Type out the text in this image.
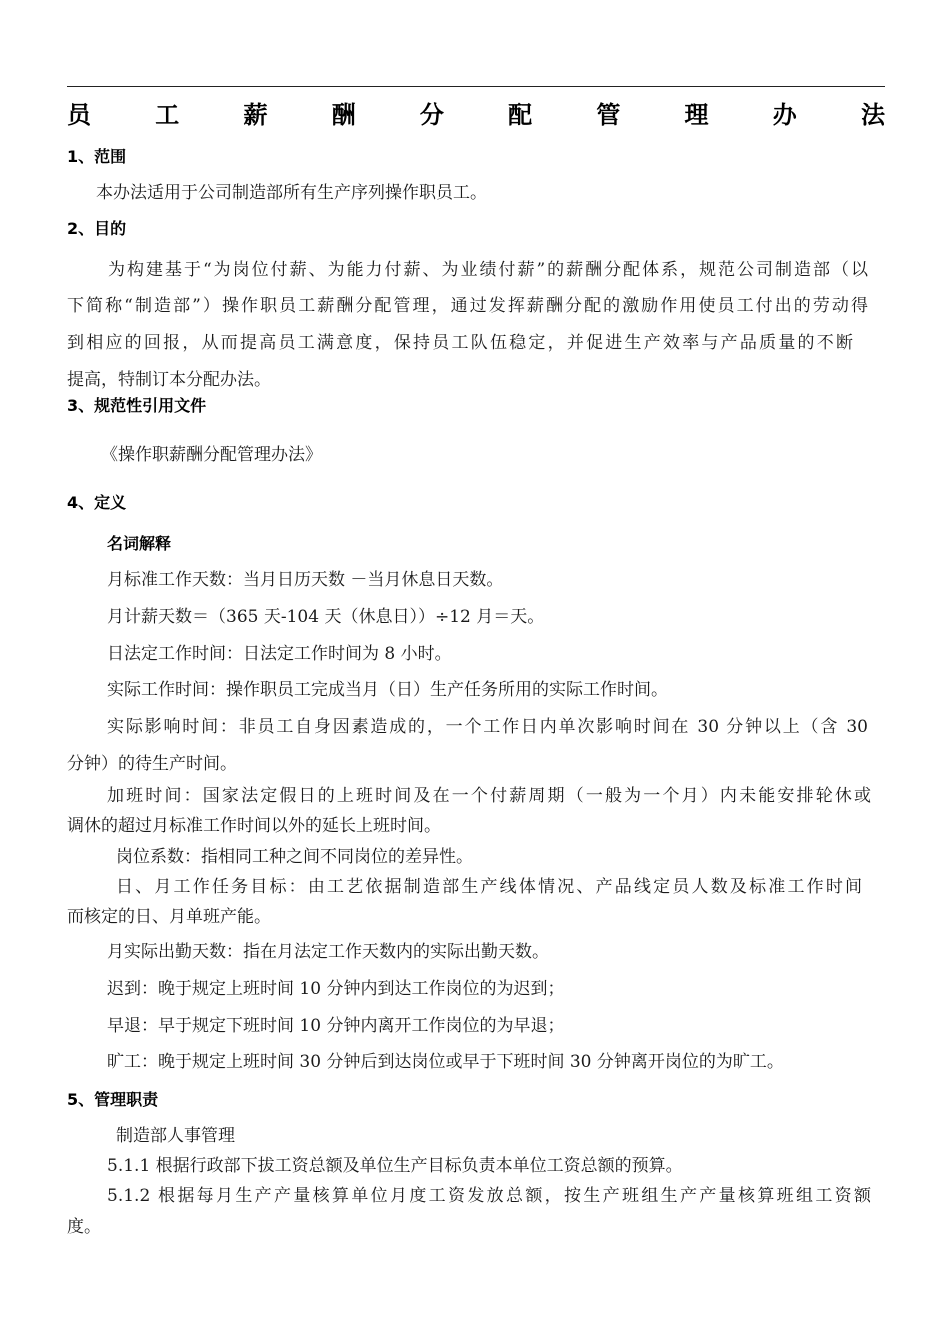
员	工	薪	酬	分	配	管	理	办	法
1、范围
本办法适用于公司制造部所有生产序列操作职员工。
2、目的
为构建基于“为岗位付薪、为能力付薪、为业绩付薪”的薪酬分配体系，规范公司制造部（以
下简称“制造部”）操作职员工薪酬分配管理，通过发挥薪酬分配的激励作用使员工付出的劳动得
到相应的回报，从而提高员工满意度，保持员工队伍稳定，并促进生产效率与产品质量的不断
提高，特制订本分配办法。
3、规范性引用文件
《操作职薪酬分配管理办法》
4、定义
名词解释
月标准工作天数：当月日历天数 －当月休息日天数。
月计薪天数＝（365 天-104 天（休息日））÷12 月＝天。
日法定工作时间：日法定工作时间为 8 小时。
实际工作时间：操作职员工完成当月（日）生产任务所用的实际工作时间。
实际影响时间：非员工自身因素造成的，一个工作日内单次影响时间在 30 分钟以上（含 30
分钟）的待生产时间。
加班时间：国家法定假日的上班时间及在一个付薪周期（一般为一个月）内未能安排轮休或
调休的超过月标准工作时间以外的延长上班时间。
岗位系数：指相同工种之间不同岗位的差异性。
日、月工作任务目标：由工艺依据制造部生产线体情况、产品线定员人数及标准工作时间
而核定的日、月单班产能。
月实际出勤天数：指在月法定工作天数内的实际出勤天数。
迟到：晚于规定上班时间 10 分钟内到达工作岗位的为迟到；
早退：早于规定下班时间 10 分钟内离开工作岗位的为早退；
旷工：晚于规定上班时间 30 分钟后到达岗位或早于下班时间 30 分钟离开岗位的为旷工。
5、管理职责
制造部人事管理
5.1.1 根据行政部下拔工资总额及单位生产目标负责本单位工资总额的预算。
5.1.2 根据每月生产产量核算单位月度工资发放总额，按生产班组生产产量核算班组工资额
度。
